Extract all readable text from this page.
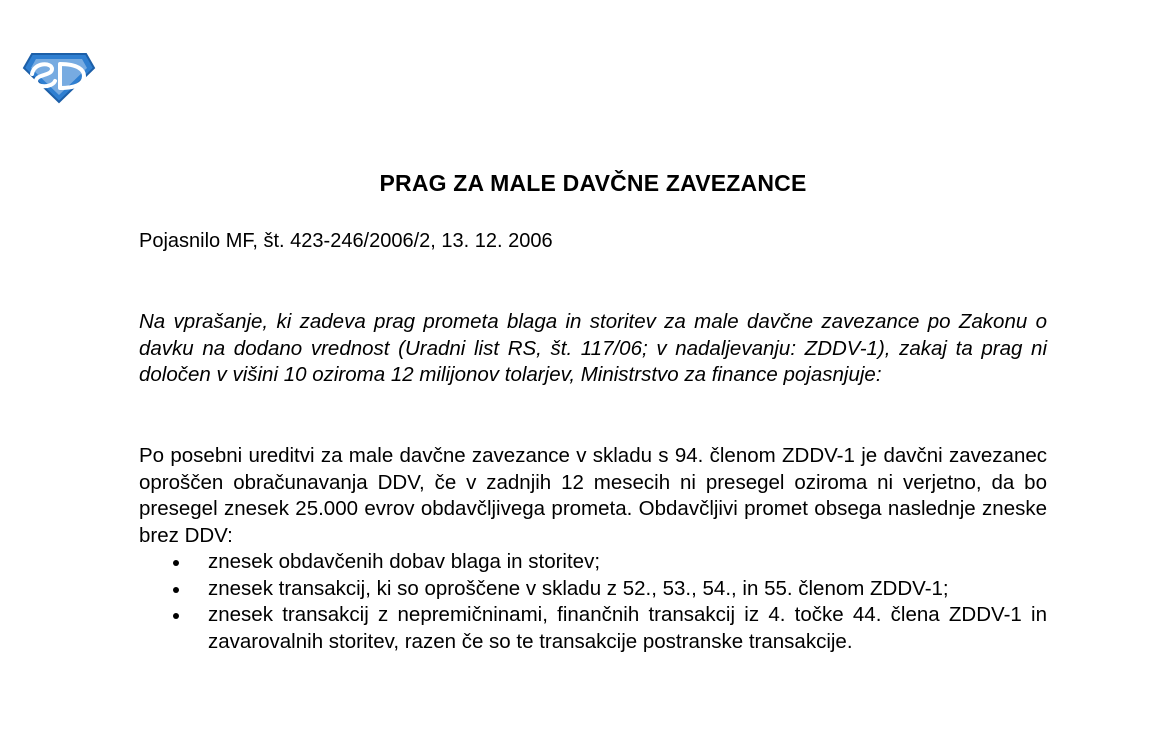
PRAG ZA MALE DAVČNE ZAVEZANCE
Pojasnilo MF, št. 423-246/2006/2, 13. 12. 2006

Na vprašanje, ki zadeva prag prometa blaga in storitev za male davčne zavezance po Zakonu o davku na dodano vrednost (Uradni list RS, št. 117/06; v nadaljevanju: ZDDV-1), zakaj ta prag ni določen v višini 10 oziroma 12 milijonov tolarjev, Ministrstvo za finance pojasnjuje:

Po posebni ureditvi za male davčne zavezance v skladu s 94. členom ZDDV-1 je davčni zavezanec oproščen obračunavanja DDV, če v zadnjih 12 mesecih ni presegel oziroma ni verjetno, da bo presegel znesek 25.000 evrov obdavčljivega prometa. Obdavčljivi promet obsega naslednje zneske brez DDV:

znesek obdavčenih dobav blaga in storitev;
znesek transakcij, ki so oproščene v skladu z 52., 53., 54., in 55. členom ZDDV-1;
znesek transakcij z nepremičninami, finančnih transakcij iz 4. točke 44. člena ZDDV-1 in zavarovalnih storitev, razen če so te transakcije postranske transakcije.
